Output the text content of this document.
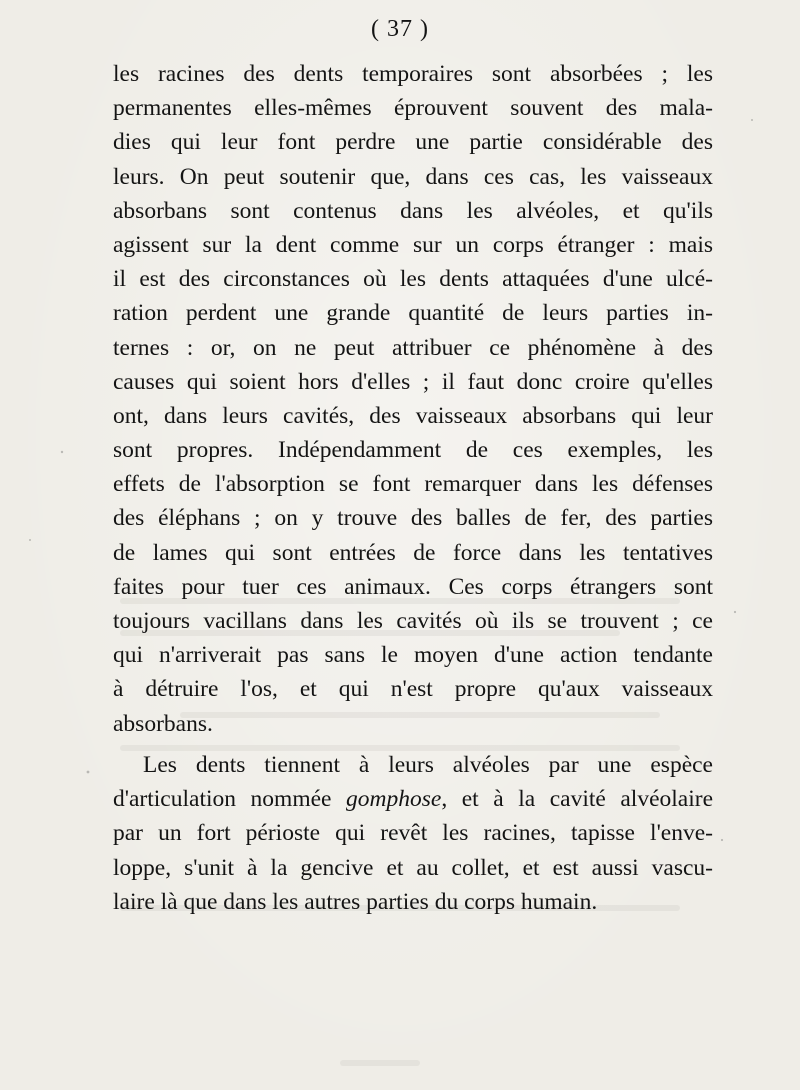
( 37 )
les racines des dents temporaires sont absorbées ; les
permanentes elles-mêmes éprouvent souvent des mala-
dies qui leur font perdre une partie considérable des
leurs. On peut soutenir que, dans ces cas, les vaisseaux
absorbans sont contenus dans les alvéoles, et qu'ils
agissent sur la dent comme sur un corps étranger : mais
il est des circonstances où les dents attaquées d'une ulcé-
ration perdent une grande quantité de leurs parties in-
ternes : or, on ne peut attribuer ce phénomène à des
causes qui soient hors d'elles ; il faut donc croire qu'elles
ont, dans leurs cavités, des vaisseaux absorbans qui leur
sont propres. Indépendamment de ces exemples, les
effets de l'absorption se font remarquer dans les défenses
des éléphans ; on y trouve des balles de fer, des parties
de lames qui sont entrées de force dans les tentatives
faites pour tuer ces animaux. Ces corps étrangers sont
toujours vacillans dans les cavités où ils se trouvent ; ce
qui n'arriverait pas sans le moyen d'une action tendante
à détruire l'os, et qui n'est propre qu'aux vaisseaux
absorbans.
Les dents tiennent à leurs alvéoles par une espèce
d'articulation nommée gomphose, et à la cavité alvéolaire
par un fort périoste qui revêt les racines, tapisse l'enve-
loppe, s'unit à la gencive et au collet, et est aussi vascu-
laire là que dans les autres parties du corps humain.
